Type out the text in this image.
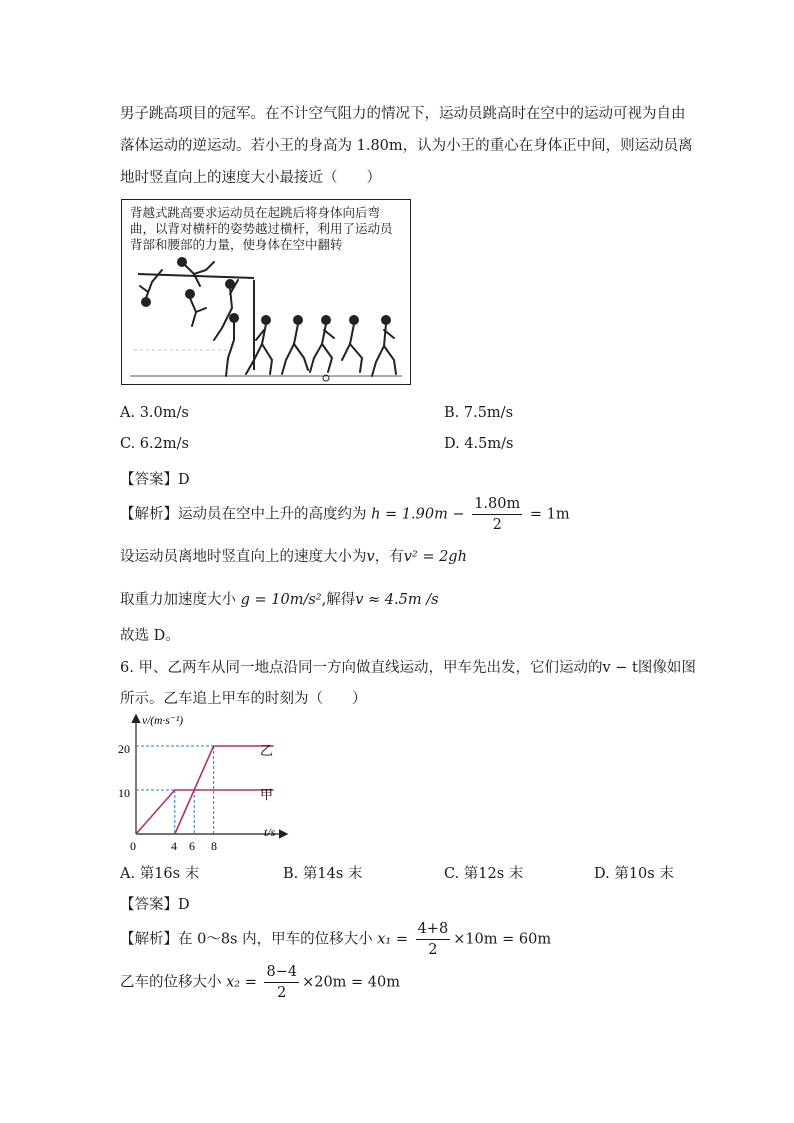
男子跳高项目的冠军。在不计空气阻力的情况下，运动员跳高时在空中的运动可视为自由
落体运动的逆运动。若小王的身高为 1.80m，认为小王的重心在身体正中间，则运动员离
地时竖直向上的速度大小最接近（　　）
背越式跳高要求运动员在起跳后将身体向后弯曲，以背对横杆的姿势越过横杆，利用了运动员背部和腰部的力量，使身体在空中翻转
A. 3.0m/s	B. 7.5m/s
C. 6.2m/s	D. 4.5m/s
【答案】D
【解析】运动员在空中上升的高度约为 $h = 1.90m - \frac{1.80m}{2} = 1m$
设运动员离地时竖直向上的速度大小为v，有v² = 2gh
取重力加速度大小 g = 10m/s²,解得v ≈ 4.5m /s
故选 D。
6. 甲、乙两车从同一地点沿同一方向做直线运动，甲车先出发，它们运动的v − t图像如图
所示。乙车追上甲车的时刻为（　　）
v/(m·s⁻¹)
t/s
0
10
20
4 6 8
甲
乙
A. 第16s 末	B. 第14s 末	C. 第12s 末	D. 第10s 末
【答案】D
【解析】在 0～8s 内，甲车的位移大小 $x_1 = \frac{4+8}{2} \times 10m = 60m$
乙车的位移大小 $x_2 = \frac{8-4}{2} \times 20m = 40m$
